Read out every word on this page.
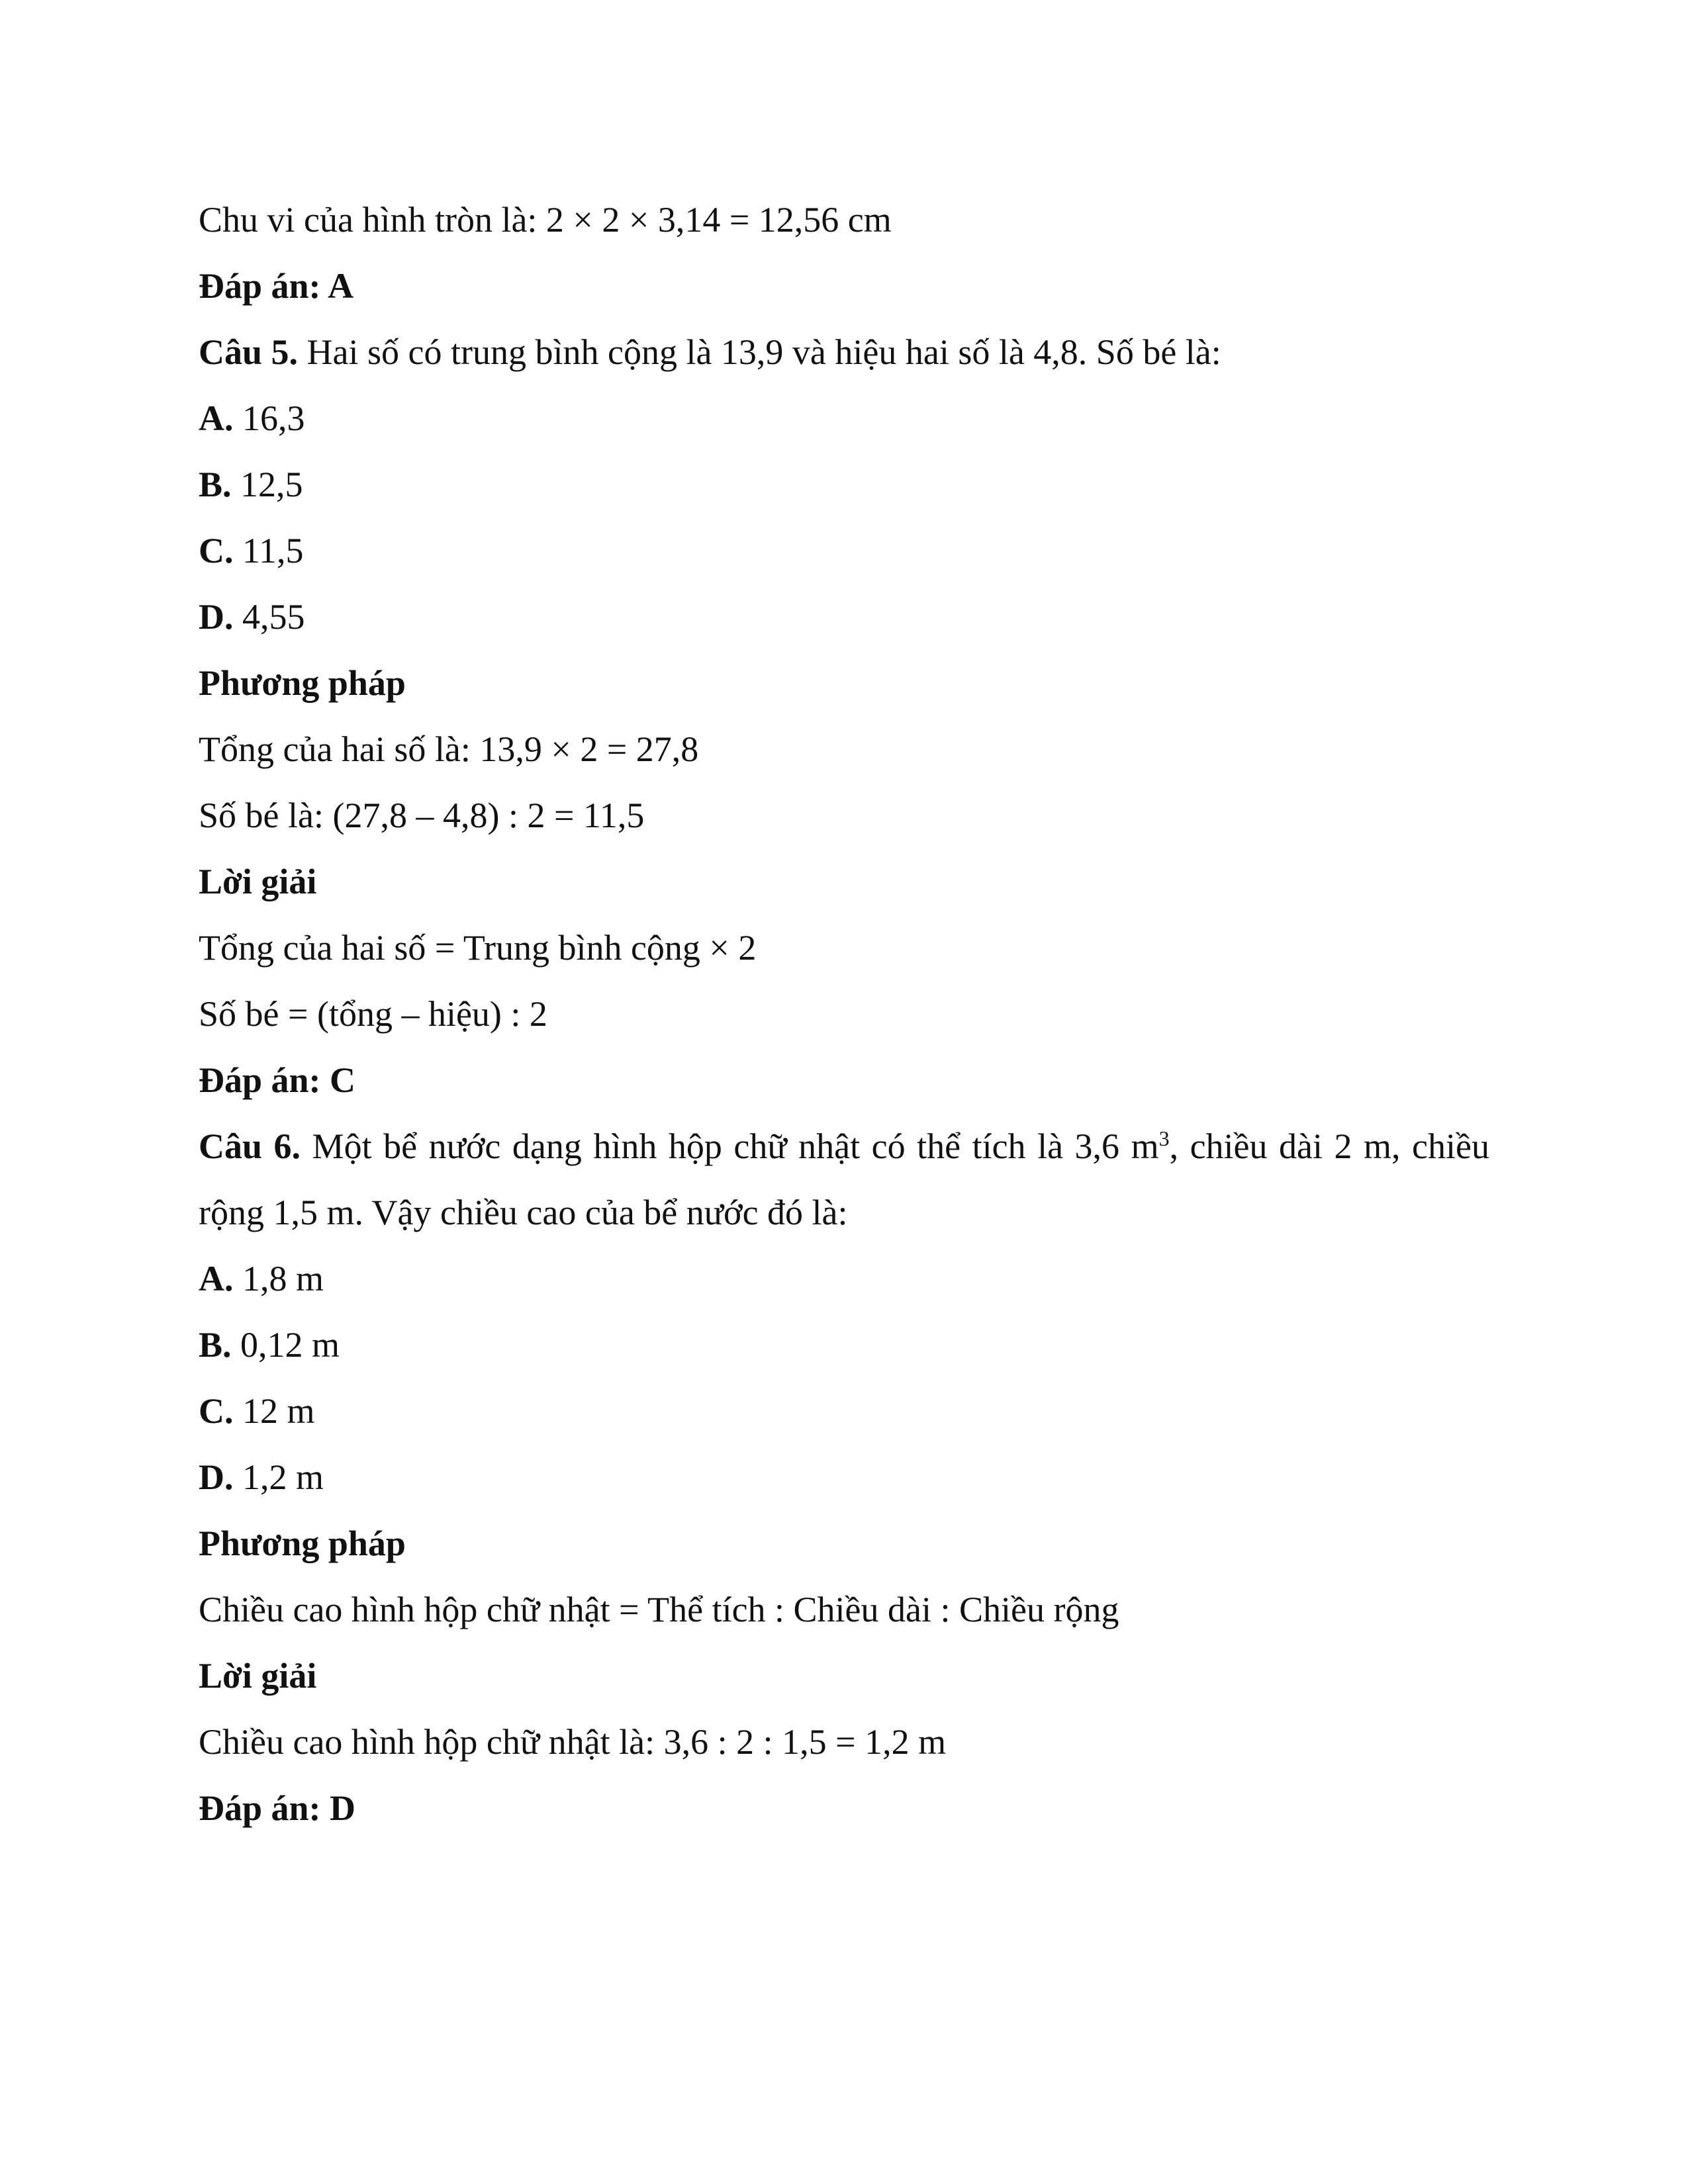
Chu vi của hình tròn là: 2 × 2 × 3,14 = 12,56 cm
Đáp án: A
Câu 5. Hai số có trung bình cộng là 13,9 và hiệu hai số là 4,8. Số bé là:
A. 16,3
B. 12,5
C. 11,5
D. 4,55
Phương pháp
Tổng của hai số là: 13,9 × 2 = 27,8
Số bé là: (27,8 – 4,8) : 2 = 11,5
Lời giải
Tổng của hai số = Trung bình cộng × 2
Số bé = (tổng – hiệu) : 2
Đáp án: C
Câu 6. Một bể nước dạng hình hộp chữ nhật có thể tích là 3,6 $m^3$, chiều dài 2 m, chiều rộng 1,5 m. Vậy chiều cao của bể nước đó là:
A. 1,8 m
B. 0,12 m
C. 12 m
D. 1,2 m
Phương pháp
Chiều cao hình hộp chữ nhật = Thể tích : Chiều dài : Chiều rộng
Lời giải
Chiều cao hình hộp chữ nhật là: 3,6 : 2 : 1,5 = 1,2 m
Đáp án: D
